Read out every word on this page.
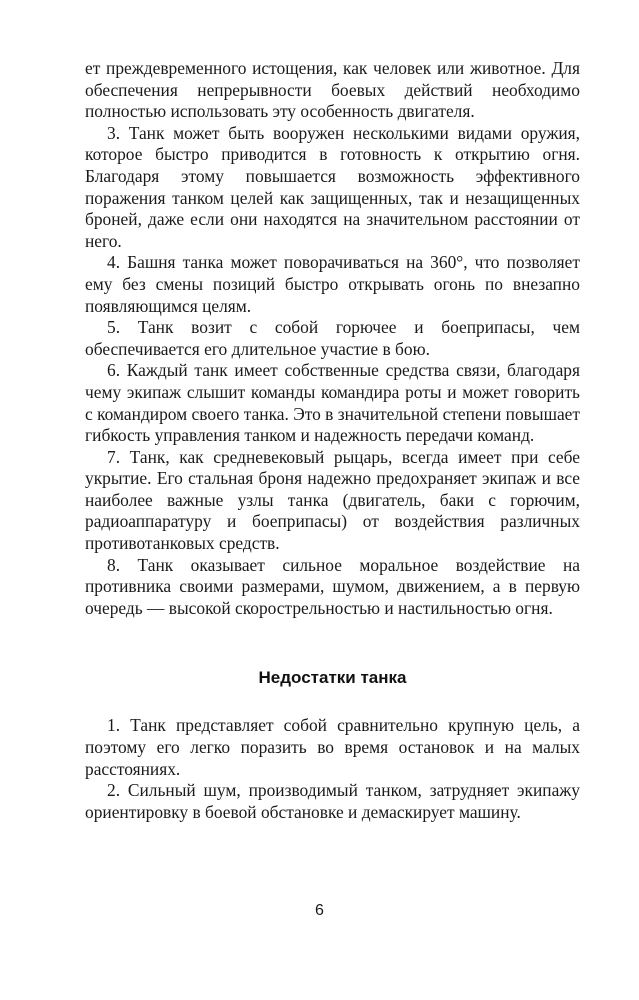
ет преждевременного истощения, как человек или животное. Для обеспечения непрерывности боевых действий необходимо полностью использовать эту особенность двигателя.

3. Танк может быть вооружен несколькими видами оружия, которое быстро приводится в готовность к открытию огня. Благодаря этому повышается возможность эффективного поражения танком целей как защищенных, так и незащищенных броней, даже если они находятся на значительном расстоянии от него.

4. Башня танка может поворачиваться на 360°, что позволяет ему без смены позиций быстро открывать огонь по внезапно появляющимся целям.

5. Танк возит с собой горючее и боеприпасы, чем обеспечивается его длительное участие в бою.

6. Каждый танк имеет собственные средства связи, благодаря чему экипаж слышит команды командира роты и может говорить с командиром своего танка. Это в значительной степени повышает гибкость управления танком и надежность передачи команд.

7. Танк, как средневековый рыцарь, всегда имеет при себе укрытие. Его стальная броня надежно предохраняет экипаж и все наиболее важные узлы танка (двигатель, баки с горючим, радиоаппаратуру и боеприпасы) от воздействия различных противотанковых средств.

8. Танк оказывает сильное моральное воздействие на противника своими размерами, шумом, движением, а в первую очередь — высокой скорострельностью и настильностью огня.

Недостатки танка

1. Танк представляет собой сравнительно крупную цель, а поэтому его легко поразить во время остановок и на малых расстояниях.

2. Сильный шум, производимый танком, затрудняет экипажу ориентировку в боевой обстановке и демаскирует машину.

6
